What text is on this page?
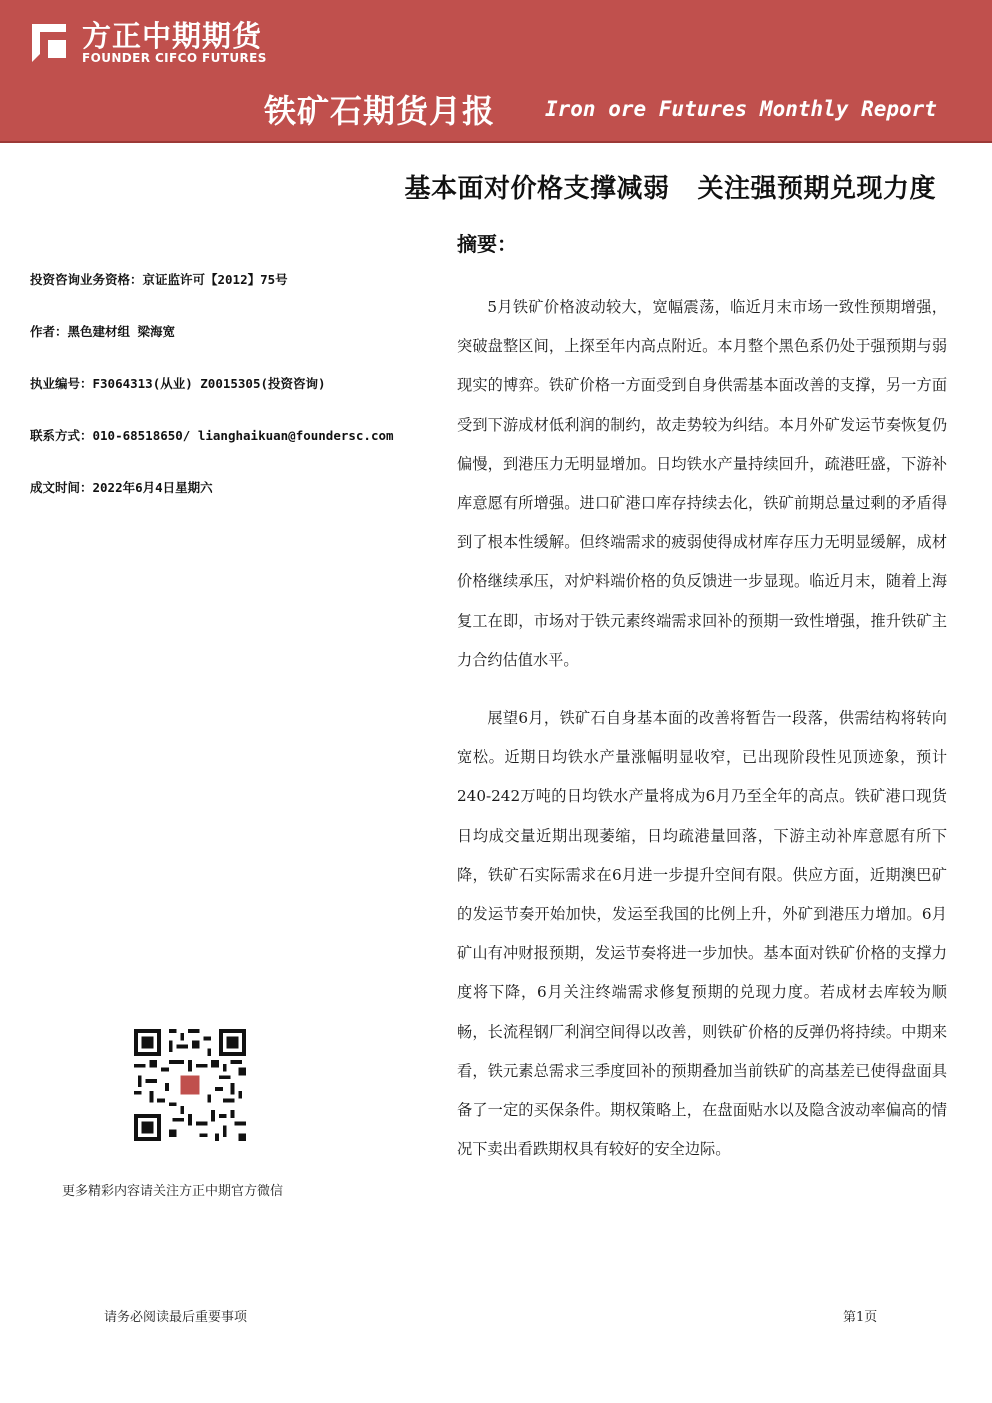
方正中期期货
FOUNDER CIFCO FUTURES
铁矿石期货月报 Iron ore Futures Monthly Report
基本面对价格支撑减弱 关注强预期兑现力度
摘要：
投资咨询业务资格：京证监许可【2012】75号
作者：黑色建材组 梁海宽
执业编号：F3064313(从业) Z0015305(投资咨询)
联系方式：010-68518650/ lianghaikuan@foundersc.com
成文时间：2022年6月4日星期六
更多精彩内容请关注方正中期官方微信

5月铁矿价格波动较大，宽幅震荡，临近月末市场一致性预期增强，突破盘整区间，上探至年内高点附近。本月整个黑色系仍处于强预期与弱现实的博弈。铁矿价格一方面受到自身供需基本面改善的支撑，另一方面受到下游成材低利润的制约，故走势较为纠结。本月外矿发运节奏恢复仍偏慢，到港压力无明显增加。日均铁水产量持续回升，疏港旺盛，下游补库意愿有所增强。进口矿港口库存持续去化，铁矿前期总量过剩的矛盾得到了根本性缓解。但终端需求的疲弱使得成材库存压力无明显缓解，成材价格继续承压，对炉料端价格的负反馈进一步显现。临近月末，随着上海复工在即，市场对于铁元素终端需求回补的预期一致性增强，推升铁矿主力合约估值水平。

展望6月，铁矿石自身基本面的改善将暂告一段落，供需结构将转向宽松。近期日均铁水产量涨幅明显收窄，已出现阶段性见顶迹象，预计240-242万吨的日均铁水产量将成为6月乃至全年的高点。铁矿港口现货日均成交量近期出现萎缩，日均疏港量回落，下游主动补库意愿有所下降，铁矿石实际需求在6月进一步提升空间有限。供应方面，近期澳巴矿的发运节奏开始加快，发运至我国的比例上升，外矿到港压力增加。6月矿山有冲财报预期，发运节奏将进一步加快。基本面对铁矿价格的支撑力度将下降，6月关注终端需求修复预期的兑现力度。若成材去库较为顺畅，长流程钢厂利润空间得以改善，则铁矿价格的反弹仍将持续。中期来看，铁元素总需求三季度回补的预期叠加当前铁矿的高基差已使得盘面具备了一定的买保条件。期权策略上，在盘面贴水以及隐含波动率偏高的情况下卖出看跌期权具有较好的安全边际。

请务必阅读最后重要事项	第1页
